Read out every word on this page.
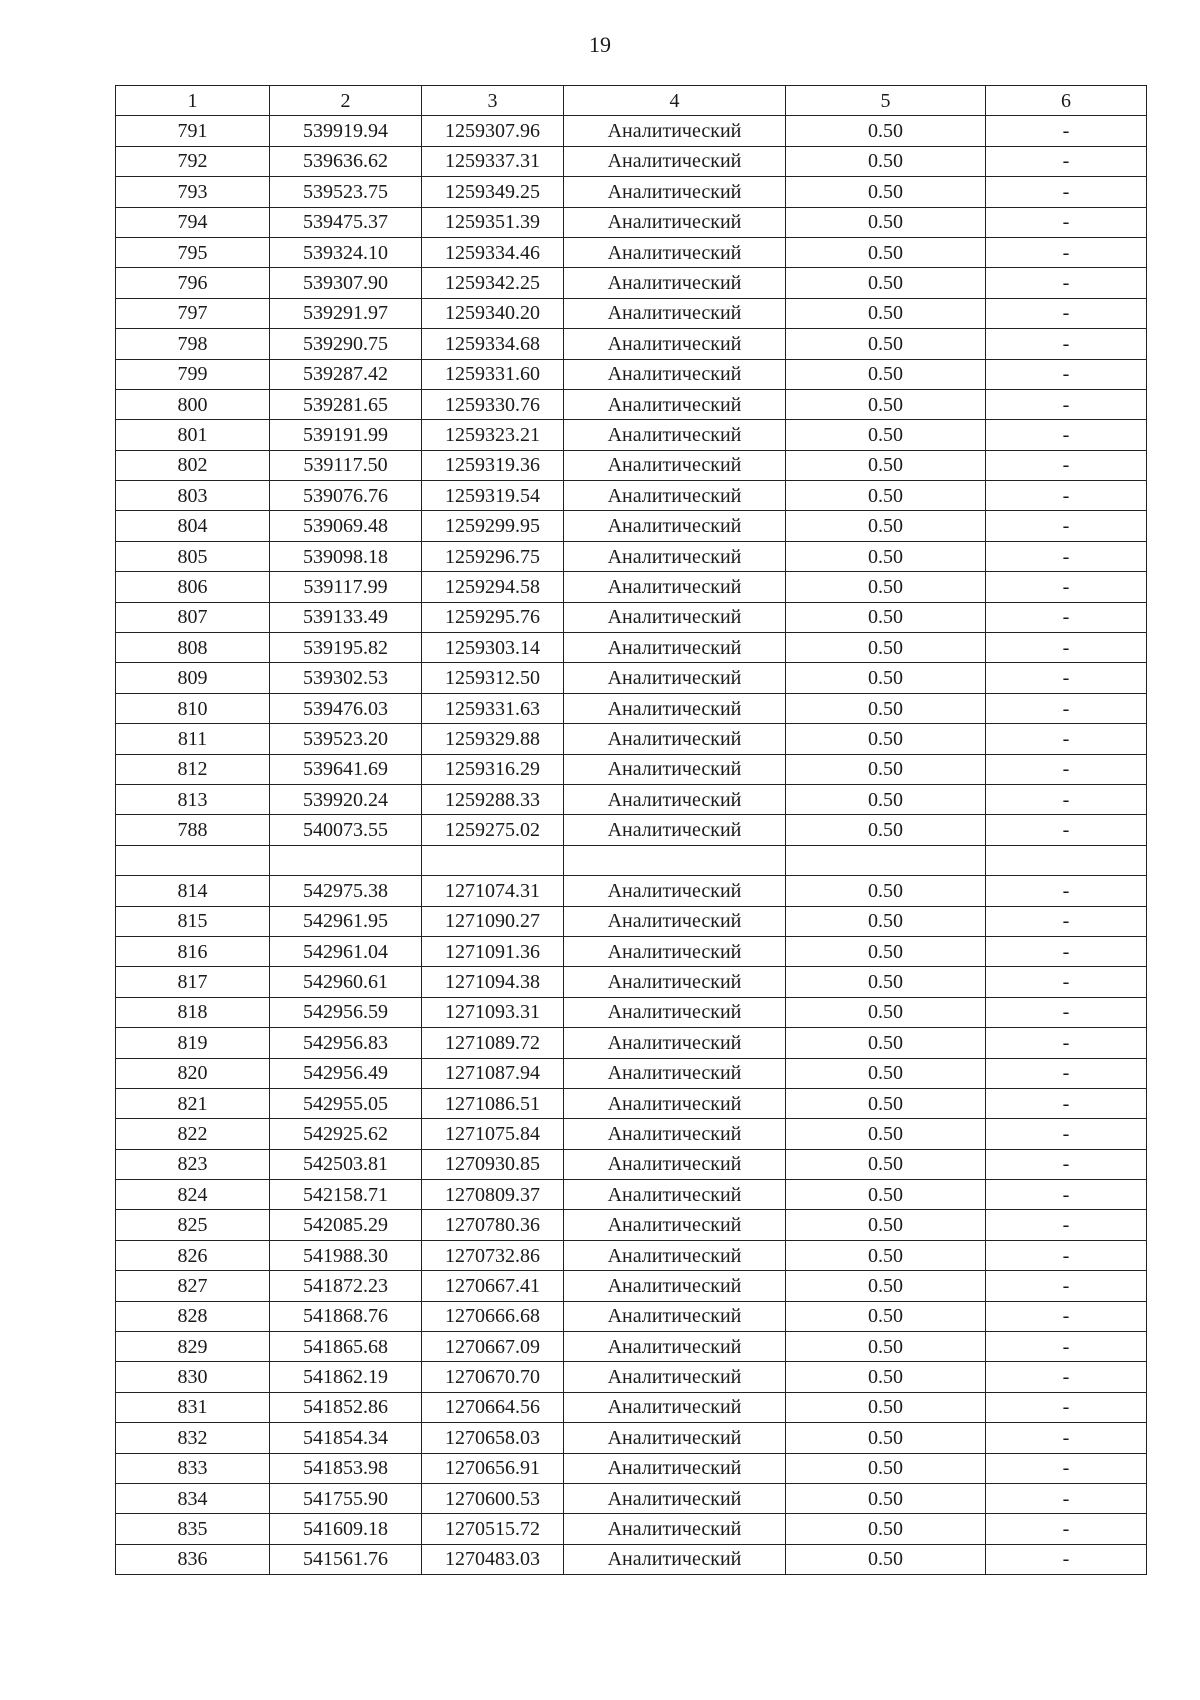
19
1	2	3	4	5	6
791	539919.94	1259307.96	Аналитический	0.50	-
792	539636.62	1259337.31	Аналитический	0.50	-
793	539523.75	1259349.25	Аналитический	0.50	-
794	539475.37	1259351.39	Аналитический	0.50	-
795	539324.10	1259334.46	Аналитический	0.50	-
796	539307.90	1259342.25	Аналитический	0.50	-
797	539291.97	1259340.20	Аналитический	0.50	-
798	539290.75	1259334.68	Аналитический	0.50	-
799	539287.42	1259331.60	Аналитический	0.50	-
800	539281.65	1259330.76	Аналитический	0.50	-
801	539191.99	1259323.21	Аналитический	0.50	-
802	539117.50	1259319.36	Аналитический	0.50	-
803	539076.76	1259319.54	Аналитический	0.50	-
804	539069.48	1259299.95	Аналитический	0.50	-
805	539098.18	1259296.75	Аналитический	0.50	-
806	539117.99	1259294.58	Аналитический	0.50	-
807	539133.49	1259295.76	Аналитический	0.50	-
808	539195.82	1259303.14	Аналитический	0.50	-
809	539302.53	1259312.50	Аналитический	0.50	-
810	539476.03	1259331.63	Аналитический	0.50	-
811	539523.20	1259329.88	Аналитический	0.50	-
812	539641.69	1259316.29	Аналитический	0.50	-
813	539920.24	1259288.33	Аналитический	0.50	-
788	540073.55	1259275.02	Аналитический	0.50	-

814	542975.38	1271074.31	Аналитический	0.50	-
815	542961.95	1271090.27	Аналитический	0.50	-
816	542961.04	1271091.36	Аналитический	0.50	-
817	542960.61	1271094.38	Аналитический	0.50	-
818	542956.59	1271093.31	Аналитический	0.50	-
819	542956.83	1271089.72	Аналитический	0.50	-
820	542956.49	1271087.94	Аналитический	0.50	-
821	542955.05	1271086.51	Аналитический	0.50	-
822	542925.62	1271075.84	Аналитический	0.50	-
823	542503.81	1270930.85	Аналитический	0.50	-
824	542158.71	1270809.37	Аналитический	0.50	-
825	542085.29	1270780.36	Аналитический	0.50	-
826	541988.30	1270732.86	Аналитический	0.50	-
827	541872.23	1270667.41	Аналитический	0.50	-
828	541868.76	1270666.68	Аналитический	0.50	-
829	541865.68	1270667.09	Аналитический	0.50	-
830	541862.19	1270670.70	Аналитический	0.50	-
831	541852.86	1270664.56	Аналитический	0.50	-
832	541854.34	1270658.03	Аналитический	0.50	-
833	541853.98	1270656.91	Аналитический	0.50	-
834	541755.90	1270600.53	Аналитический	0.50	-
835	541609.18	1270515.72	Аналитический	0.50	-
836	541561.76	1270483.03	Аналитический	0.50	-
